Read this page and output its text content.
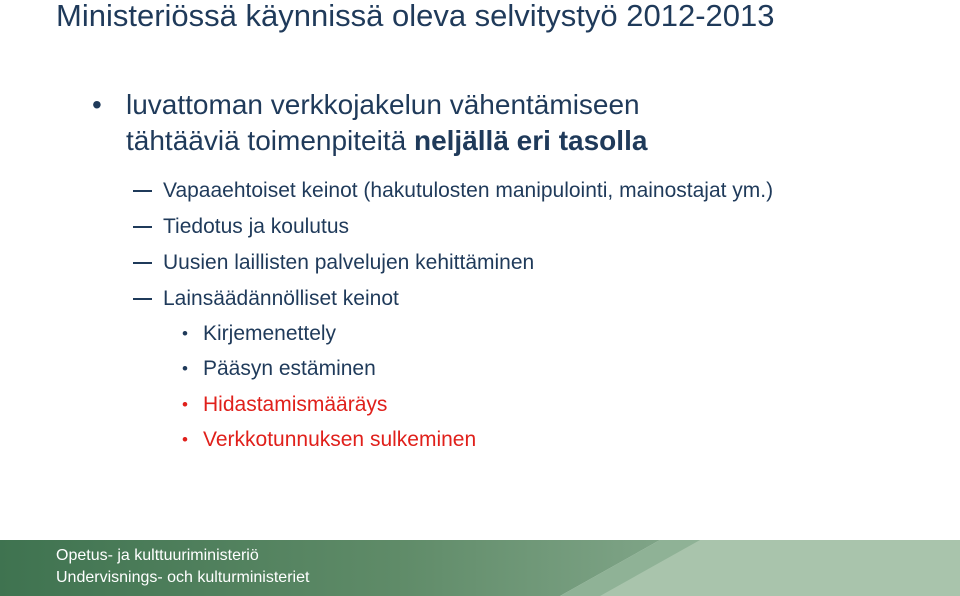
Ministeriössä käynnissä oleva selvitystyö 2012-2013
• luvattoman verkkojakelun vähentämiseen
tähtääviä toimenpiteitä neljällä eri tasolla
Vapaaehtoiset keinot (hakutulosten manipulointi, mainostajat ym.)
Tiedotus ja koulutus
Uusien laillisten palvelujen kehittäminen
Lainsäädännölliset keinot
• Kirjemenettely
• Pääsyn estäminen
• Hidastamismääräys
• Verkkotunnuksen sulkeminen
Opetus- ja kulttuuriministeriö
Undervisnings- och kulturministeriet
